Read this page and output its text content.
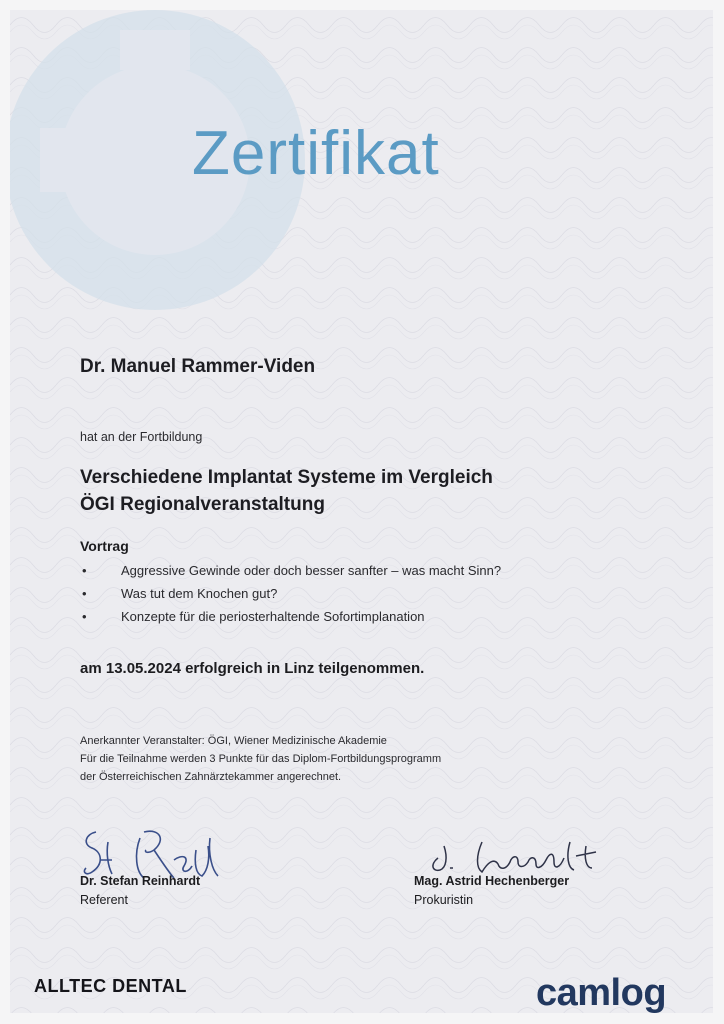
Zertifikat
Dr. Manuel Rammer-Viden
hat an der Fortbildung
Verschiedene Implantat Systeme im Vergleich
ÖGI Regionalveranstaltung
Vortrag
•	Aggressive Gewinde oder doch besser sanfter – was macht Sinn?
•	Was tut dem Knochen gut?
•	Konzepte für die periosterhaltende Sofortimplanation
am 13.05.2024 erfolgreich in Linz teilgenommen.
Anerkannter Veranstalter: ÖGI, Wiener Medizinische Akademie
Für die Teilnahme werden 3 Punkte für das Diplom-Fortbildungsprogramm
der Österreichischen Zahnärztekammer angerechnet.
Dr. Stefan Reinhardt
Referent
Mag. Astrid Hechenberger
Prokuristin
ALLTEC DENTAL	camlog
